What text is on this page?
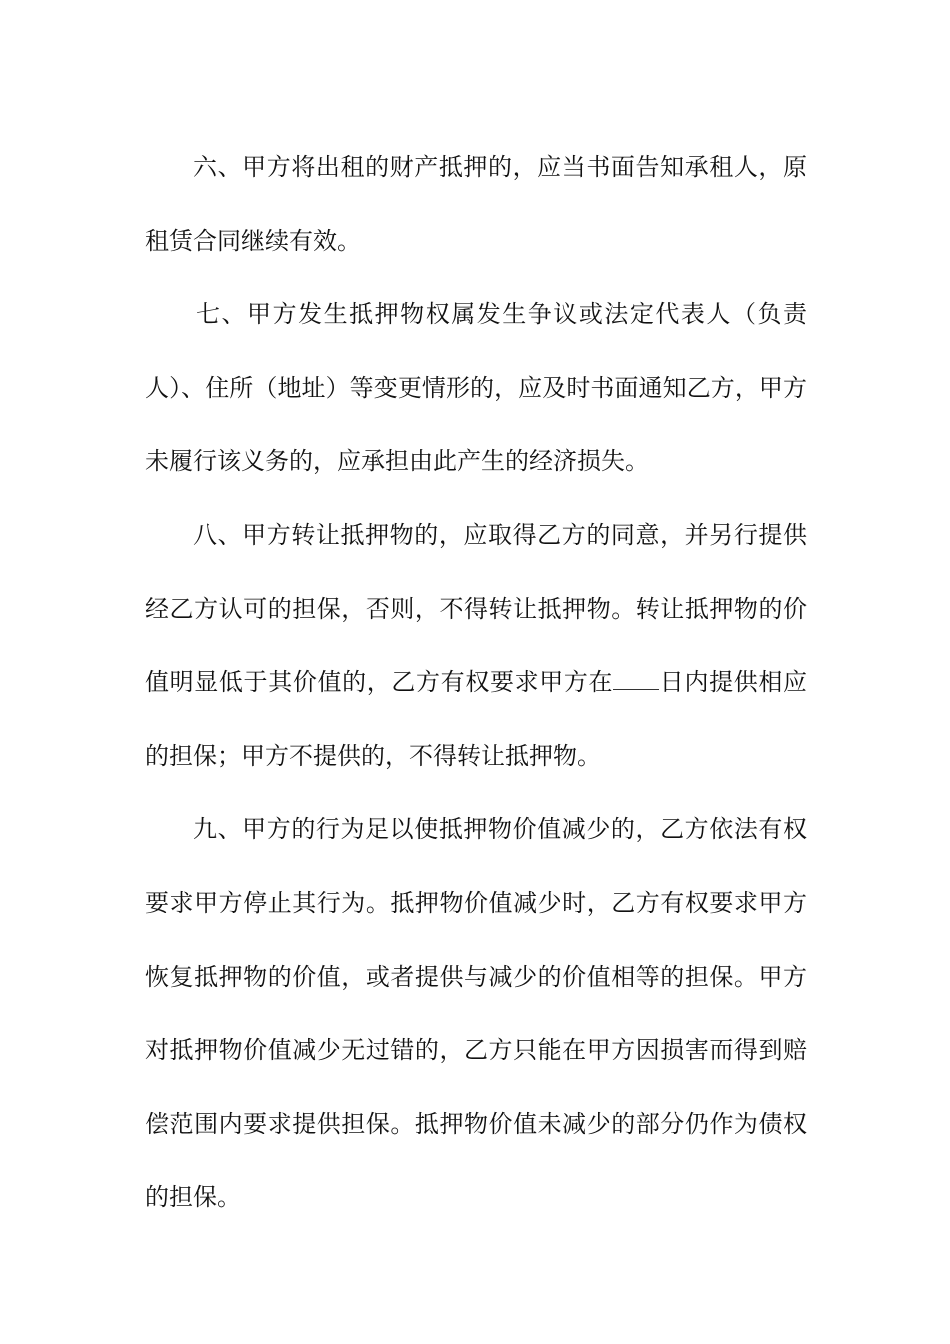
六、甲方将出租的财产抵押的，应当书面告知承租人，原租赁合同继续有效。

七、甲方发生抵押物权属发生争议或法定代表人（负责人）、住所（地址）等变更情形的，应及时书面通知乙方，甲方未履行该义务的，应承担由此产生的经济损失。

八、甲方转让抵押物的，应取得乙方的同意，并另行提供经乙方认可的担保，否则，不得转让抵押物。转让抵押物的价值明显低于其价值的，乙方有权要求甲方在 日内提供相应的担保；甲方不提供的，不得转让抵押物。

九、甲方的行为足以使抵押物价值减少的，乙方依法有权要求甲方停止其行为。抵押物价值减少时，乙方有权要求甲方恢复抵押物的价值，或者提供与减少的价值相等的担保。甲方对抵押物价值减少无过错的，乙方只能在甲方因损害而得到赔偿范围内要求提供担保。抵押物价值未减少的部分仍作为债权的担保。
